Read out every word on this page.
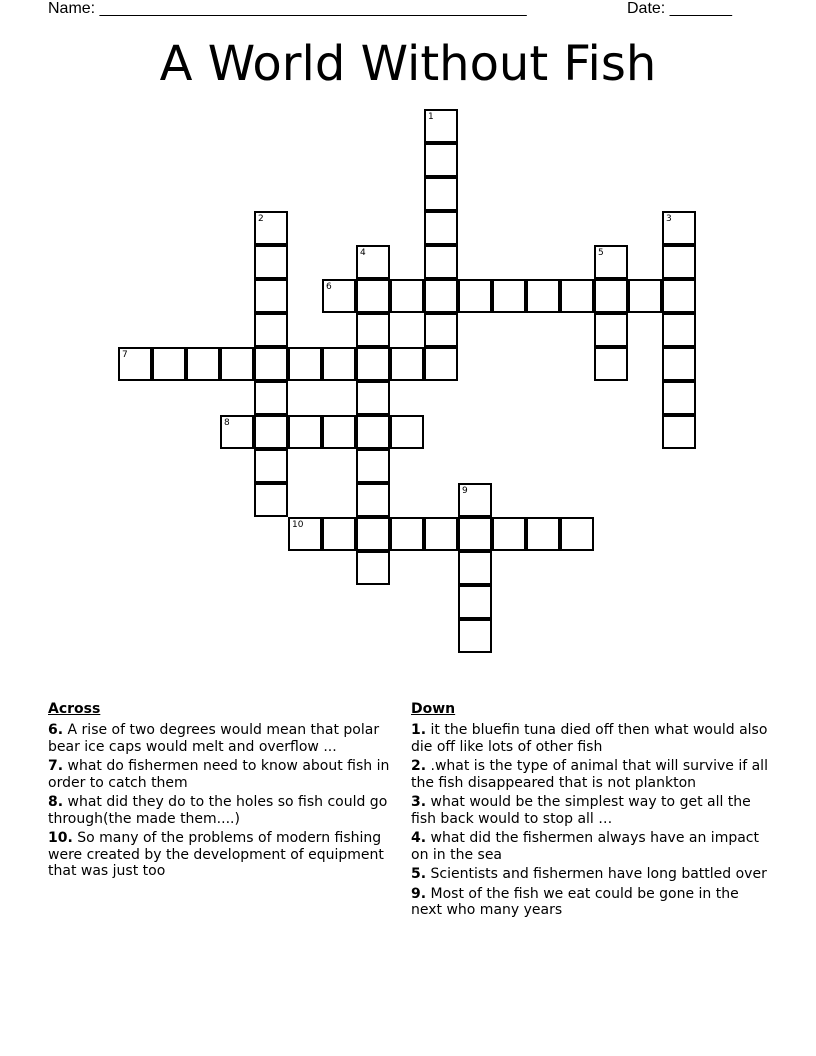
Name: ________________________________________________	Date: _______
A World Without Fish
1
2	3
4	5
6
7
8
9
10
Across
6. A rise of two degrees would mean that polar bear ice caps would melt and overflow ...
7. what do fishermen need to know about fish in order to catch them
8. what did they do to the holes so fish could go through(the made them....)
10. So many of the problems of modern fishing were created by the development of equipment that was just too
Down
1. it the bluefin tuna died off then what would also die off like lots of other fish
2. .what is the type of animal that will survive if all the fish disappeared that is not plankton
3. what would be the simplest way to get all the fish back would to stop all …
4. what did the fishermen always have an impact on in the sea
5. Scientists and fishermen have long battled over
9. Most of the fish we eat could be gone in the next who many years
